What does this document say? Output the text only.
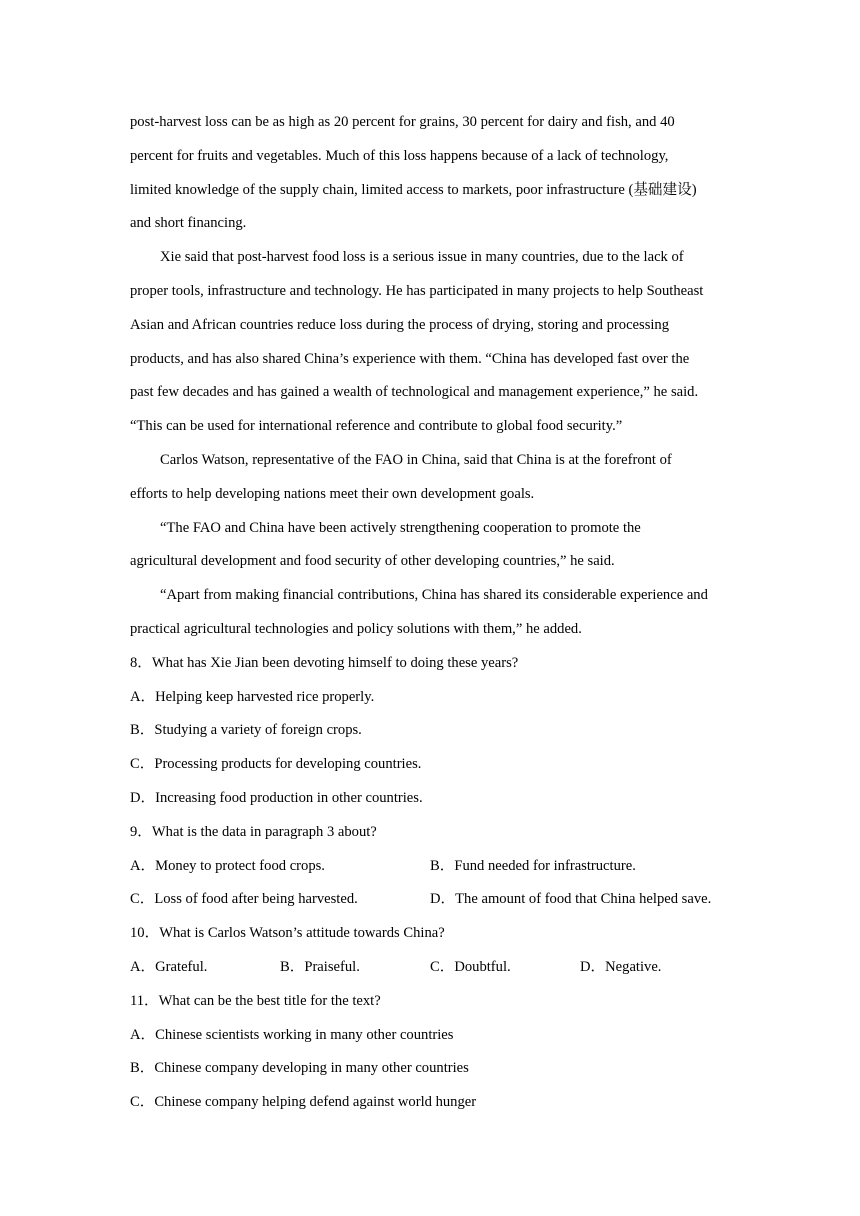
post-harvest loss can be as high as 20 percent for grains, 30 percent for dairy and fish, and 40
percent for fruits and vegetables. Much of this loss happens because of a lack of technology,
limited knowledge of the supply chain, limited access to markets, poor infrastructure (基础建设)
and short financing.
Xie said that post-harvest food loss is a serious issue in many countries, due to the lack of
proper tools, infrastructure and technology. He has participated in many projects to help Southeast
Asian and African countries reduce loss during the process of drying, storing and processing
products, and has also shared China’s experience with them. “China has developed fast over the
past few decades and has gained a wealth of technological and management experience,” he said.
“This can be used for international reference and contribute to global food security.”
Carlos Watson, representative of the FAO in China, said that China is at the forefront of
efforts to help developing nations meet their own development goals.
“The FAO and China have been actively strengthening cooperation to promote the
agricultural development and food security of other developing countries,” he said.
“Apart from making financial contributions, China has shared its considerable experience and
practical agricultural technologies and policy solutions with them,” he added.
8．What has Xie Jian been devoting himself to doing these years?
A．Helping keep harvested rice properly.
B．Studying a variety of foreign crops.
C．Processing products for developing countries.
D．Increasing food production in other countries.
9．What is the data in paragraph 3 about?
A．Money to protect food crops.	B．Fund needed for infrastructure.
C．Loss of food after being harvested.	D．The amount of food that China helped save.
10．What is Carlos Watson’s attitude towards China?
A．Grateful.	B．Praiseful.	C．Doubtful.	D．Negative.
11．What can be the best title for the text?
A．Chinese scientists working in many other countries
B．Chinese company developing in many other countries
C．Chinese company helping defend against world hunger
